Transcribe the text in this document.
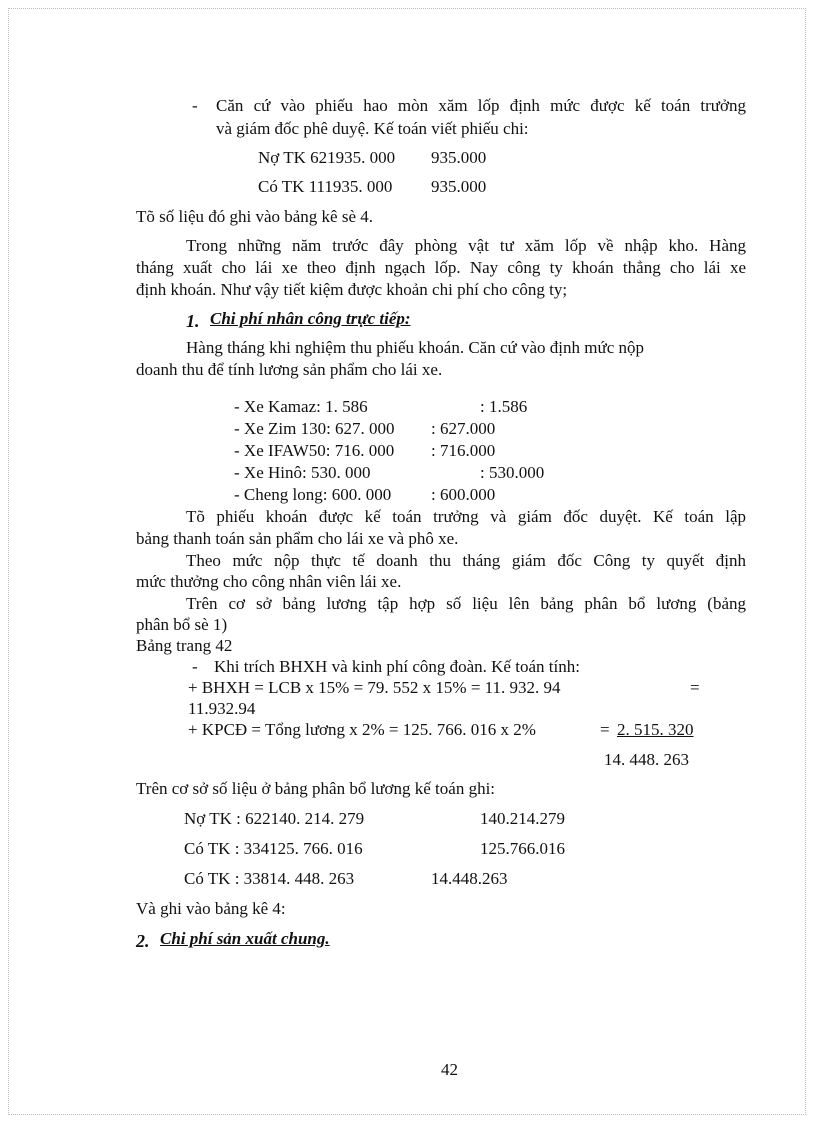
- Căn cứ vào phiếu hao mòn xăm lốp định mức được kế toán trưởng
và giám đốc phê duyệ. Kế toán viết phiếu chi:
Nợ TK 621935. 000 935.000
Có TK 111935. 000 935.000
Tõ số liệu đó ghi vào bảng kê sè 4.
Trong những năm trước đây phòng vật tư xăm lốp về nhập kho. Hàng
tháng xuất cho lái xe theo định ngạch lốp. Nay công ty khoán thẳng cho lái xe
định khoán. Như vậy tiết kiệm được khoản chi phí cho công ty;
1. Chi phí nhân công trực tiếp:
Hàng tháng khi nghiệm thu phiếu khoán. Căn cứ vào định mức nộp
doanh thu để tính lương sản phẩm cho lái xe.
- Xe Kamaz: 1. 586	: 1.586
- Xe Zim 130: 627. 000 : 627.000
- Xe IFAW50: 716. 000 : 716.000
- Xe Hinô: 530. 000	: 530.000
- Cheng long: 600. 000 : 600.000
Tõ phiếu khoán được kế toán trưởng và giám đốc duyệt. Kế toán lập
bảng thanh toán sản phẩm cho lái xe và phô xe.
Theo mức nộp thực tế doanh thu tháng giám đốc Công ty quyết định
mức thưởng cho công nhân viên lái xe.
Trên cơ sở bảng lương tập hợp số liệu lên bảng phân bổ lương (bảng
phân bổ sè 1)
Bảng trang 42
- Khi trích BHXH và kinh phí công đoàn. Kế toán tính:
+ BHXH = LCB x 15% = 79. 552 x 15% = 11. 932. 94	=
11.932.94
+ KPCĐ = Tổng lương x 2% = 125. 766. 016 x 2%	= 2. 515. 320
14. 448. 263
Trên cơ sở số liệu ở bảng phân bổ lương kế toán ghi:
Nợ TK : 622140. 214. 279	140.214.279
Có TK : 334125. 766. 016	125.766.016
Có TK : 33814. 448. 263	14.448.263
Và ghi vào bảng kê 4:
2. Chi phí sản xuất chung.
42
